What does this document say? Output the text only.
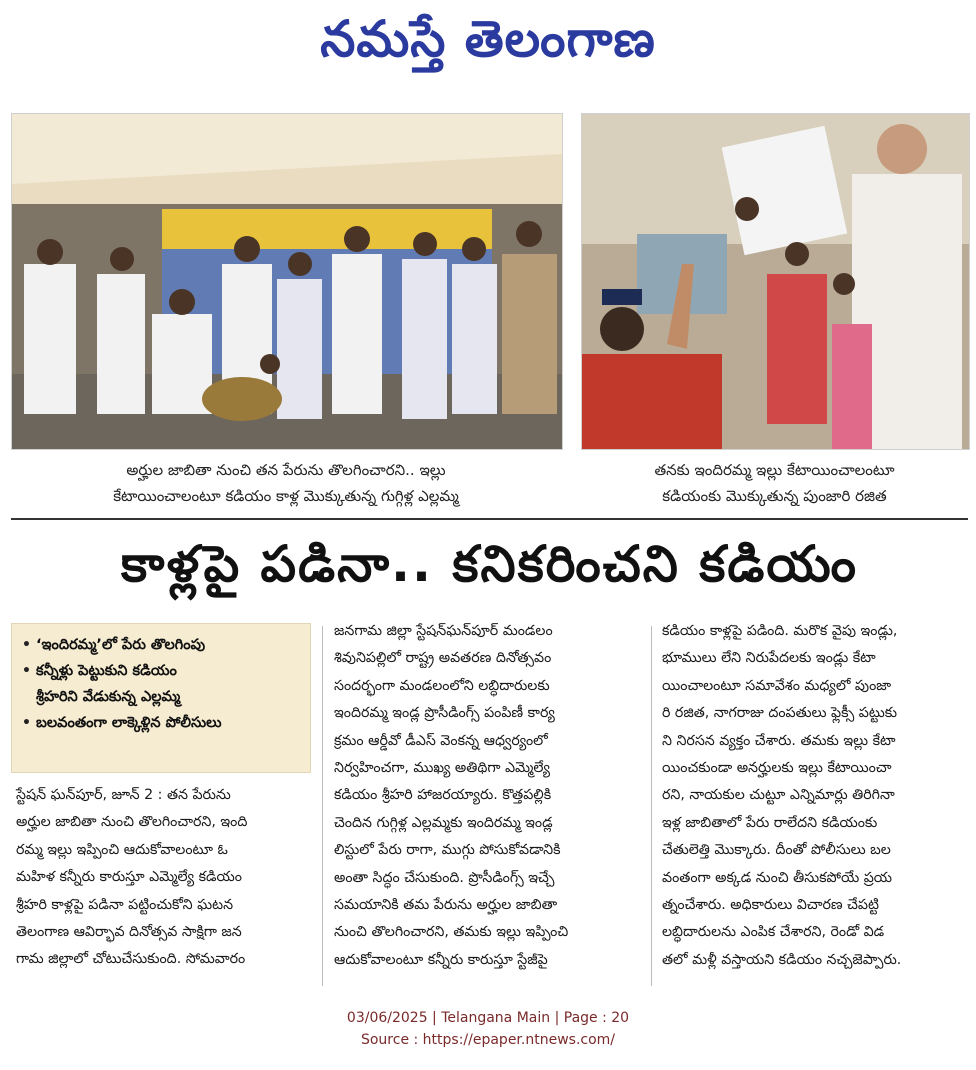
నమస్తే తెలంగాణ
అర్హుల జాబితా నుంచి తన పేరును తొలగించారని.. ఇల్లు
కేటాయించాలంటూ కడియం కాళ్ల మొక్కుతున్న గుగ్గిళ్ల ఎల్లమ్మ
తనకు ఇందిరమ్మ ఇల్లు కేటాయించాలంటూ
కడియంకు మొక్కుతున్న పుంజారి రజిత
కాళ్లపై పడినా.. కనికరించని కడియం
• ‘ఇందిరమ్మ’లో పేరు తొలగింపు
• కన్నీళ్లు పెట్టుకుని కడియం
శ్రీహరిని వేడుకున్న ఎల్లమ్మ
• బలవంతంగా లాక్కెళ్లిన పోలీసులు
స్టేషన్ ఘన్‌పూర్, జూన్ 2 : తన పేరును
అర్హుల జాబితా నుంచి తొలగించారని, ఇంది
రమ్మ ఇల్లు ఇప్పించి ఆదుకోవాలంటూ ఓ
మహిళ కన్నీరు కారుస్తూ ఎమ్మెల్యే కడియం
శ్రీహరి కాళ్లపై పడినా పట్టించుకోని ఘటన
తెలంగాణ ఆవిర్భావ దినోత్సవ సాక్షిగా జన
గామ జిల్లాలో చోటుచేసుకుంది. సోమవారం
జనగామ జిల్లా స్టేషన్‌ఘన్‌పూర్ మండలం
శివునిపల్లిలో రాష్ట్ర అవతరణ దినోత్సవం
సందర్భంగా మండలంలోని లబ్ధిదారులకు
ఇందిరమ్మ ఇండ్ల ప్రొసీడింగ్స్ పంపిణీ కార్య
క్రమం ఆర్డీవో డీఎస్ వెంకన్న ఆధ్వర్యంలో
నిర్వహించగా, ముఖ్య అతిథిగా ఎమ్మెల్యే
కడియం శ్రీహరి హాజరయ్యారు. కొత్తపల్లికి
చెందిన గుగ్గిళ్ల ఎల్లమ్మకు ఇందిరమ్మ ఇండ్ల
లిస్టులో పేరు రాగా, ముగ్గు పోసుకోవడానికి
అంతా సిద్ధం చేసుకుంది. ప్రొసీడింగ్స్ ఇచ్చే
సమయానికి తమ పేరును అర్హుల జాబితా
నుంచి తొలగించారని, తమకు ఇల్లు ఇప్పించి
ఆదుకోవాలంటూ కన్నీరు కారుస్తూ స్టేజీపై
కడియం కాళ్లపై పడింది. మరొక వైపు ఇండ్లు,
భూములు లేని నిరుపేదలకు ఇండ్లు కేటా
యించాలంటూ సమావేశం మధ్యలో పుంజా
రి రజిత, నాగరాజు దంపతులు ఫ్లెక్సీ పట్టుకు
ని నిరసన వ్యక్తం చేశారు. తమకు ఇల్లు కేటా
యించకుండా అనర్హులకు ఇల్లు కేటాయించా
రని, నాయకుల చుట్టూ ఎన్నిమార్లు తిరిగినా
ఇళ్ల జాబితాలో పేరు రాలేదని కడియంకు
చేతులెత్తి మొక్కారు. దీంతో పోలీసులు బల
వంతంగా అక్కడ నుంచి తీసుకపోయే ప్రయ
త్నంచేశారు. అధికారులు విచారణ చేపట్టి
లబ్ధిదారులను ఎంపిక చేశారని, రెండో విడ
తలో మళ్లీ వస్తాయని కడియం నచ్చజెప్పారు.
03/06/2025 | Telangana Main | Page : 20
Source : https://epaper.ntnews.com/
